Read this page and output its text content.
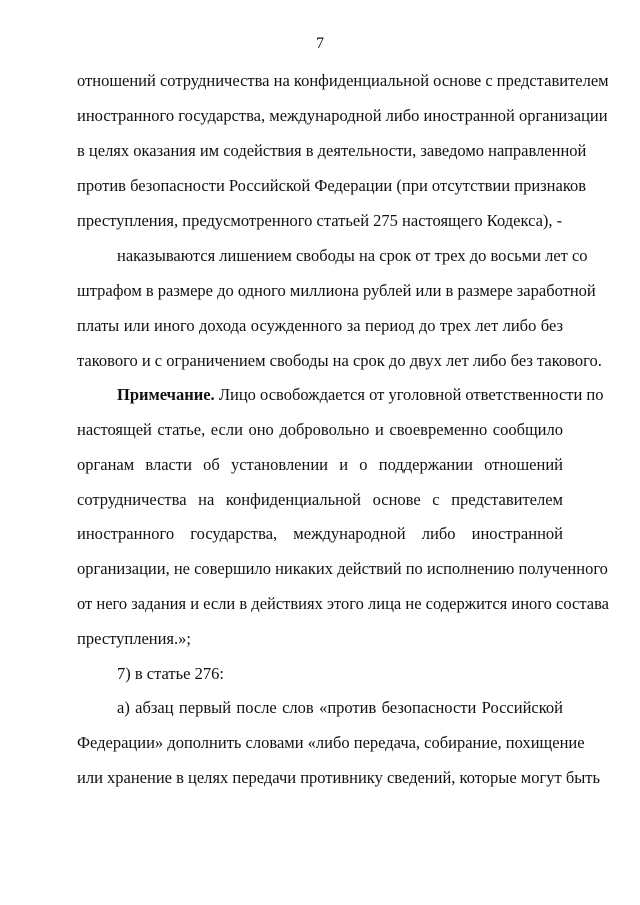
7
отношений сотрудничества на конфиденциальной основе с представителем
иностранного государства, международной либо иностранной организации
в целях оказания им содействия в деятельности, заведомо направленной
против безопасности Российской Федерации (при отсутствии признаков
преступления, предусмотренного статьей 275 настоящего Кодекса), -
наказываются лишением свободы на срок от трех до восьми лет со
штрафом в размере до одного миллиона рублей или в размере заработной
платы или иного дохода осужденного за период до трех лет либо без
такового и с ограничением свободы на срок до двух лет либо без такового.
Примечание. Лицо освобождается от уголовной ответственности по
настоящей статье, если оно добровольно и своевременно сообщило
органам власти об установлении и о поддержании отношений
сотрудничества на конфиденциальной основе с представителем
иностранного государства, международной либо иностранной
организации, не совершило никаких действий по исполнению полученного
от него задания и если в действиях этого лица не содержится иного состава
преступления.»;
7) в статье 276:
а) абзац первый после слов «против безопасности Российской
Федерации» дополнить словами «либо передача, собирание, похищение
или хранение в целях передачи противнику сведений, которые могут быть
